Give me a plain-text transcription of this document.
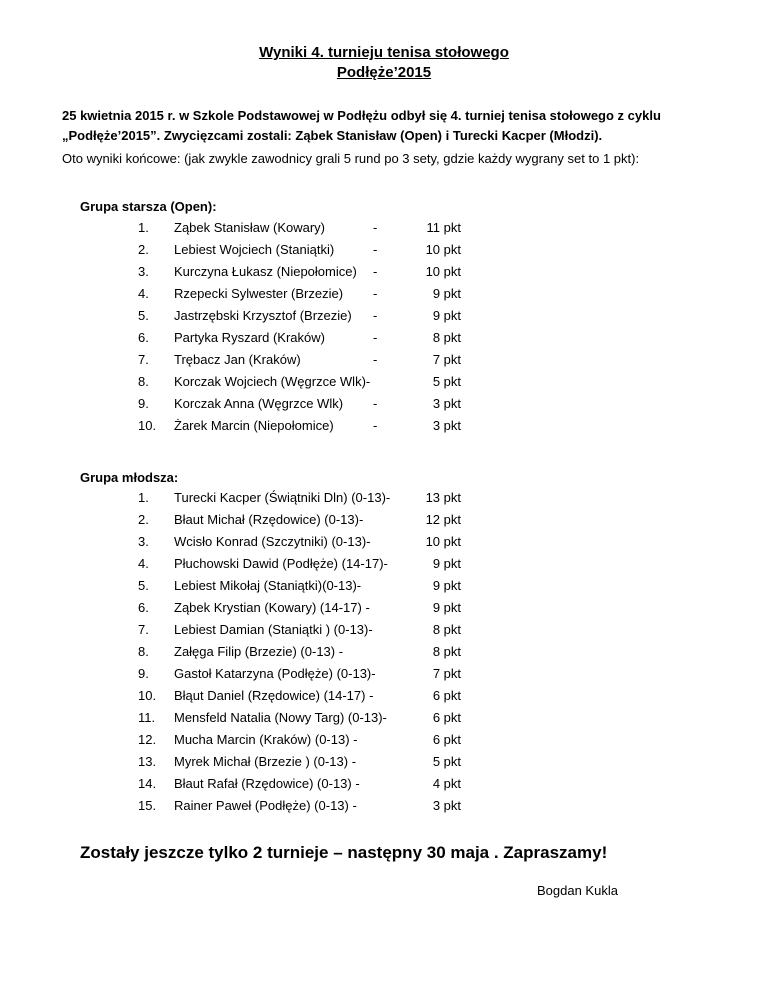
Wyniki 4. turnieju tenisa stołowego
Podłęże’2015
25 kwietnia 2015 r. w Szkole Podstawowej w Podłężu odbył się 4. turniej tenisa stołowego z cyklu „Podłęże’2015”. Zwycięzcami zostali: Ząbek Stanisław (Open) i Turecki Kacper (Młodzi).
Oto wyniki końcowe: (jak zwykle zawodnicy grali 5 rund po 3 sety, gdzie każdy wygrany set to 1 pkt):
Grupa starsza (Open):
1. Ząbek Stanisław (Kowary)	-	11 pkt
2. Lebiest Wojciech (Staniątki)	-	10 pkt
3. Kurczyna Łukasz (Niepołomice) -	10 pkt
4. Rzepecki Sylwester (Brzezie) -	9 pkt
5. Jastrzębski Krzysztof (Brzezie) -	9 pkt
6. Partyka Ryszard (Kraków)	-	8 pkt
7. Trębacz Jan (Kraków)	-	7 pkt
8. Korczak Wojciech (Węgrzce Wlk)-	5 pkt
9. Korczak Anna (Węgrzce Wlk) -	3 pkt
10. Żarek Marcin (Niepołomice)	-	3 pkt
Grupa młodsza:
1. Turecki Kacper (Świątniki Dln) (0-13)-	13 pkt
2. Błaut Michał (Rzędowice) (0-13)-	12 pkt
3. Wcisło Konrad (Szczytniki) (0-13)-	10 pkt
4. Płuchowski Dawid (Podłęże) (14-17)-	9 pkt
5. Lebiest Mikołaj (Staniątki)(0-13)-	9 pkt
6. Ząbek Krystian (Kowary) (14-17) -	9 pkt
7. Lebiest Damian (Staniątki ) (0-13)-	8 pkt
8. Załęga Filip (Brzezie) (0-13) -	8 pkt
9. Gastoł Katarzyna (Podłęże) (0-13)-	7 pkt
10. Błąut Daniel (Rzędowice) (14-17) -	6 pkt
11. Mensfeld Natalia (Nowy Targ) (0-13)-	6 pkt
12. Mucha Marcin (Kraków) (0-13) -	6 pkt
13. Myrek Michał (Brzezie ) (0-13) -	5 pkt
14. Błaut Rafał (Rzędowice) (0-13) -	4 pkt
15. Rainer Paweł (Podłęże) (0-13) -	3 pkt
Zostały jeszcze tylko 2 turnieje – następny 30 maja . Zapraszamy!
Bogdan Kukla
